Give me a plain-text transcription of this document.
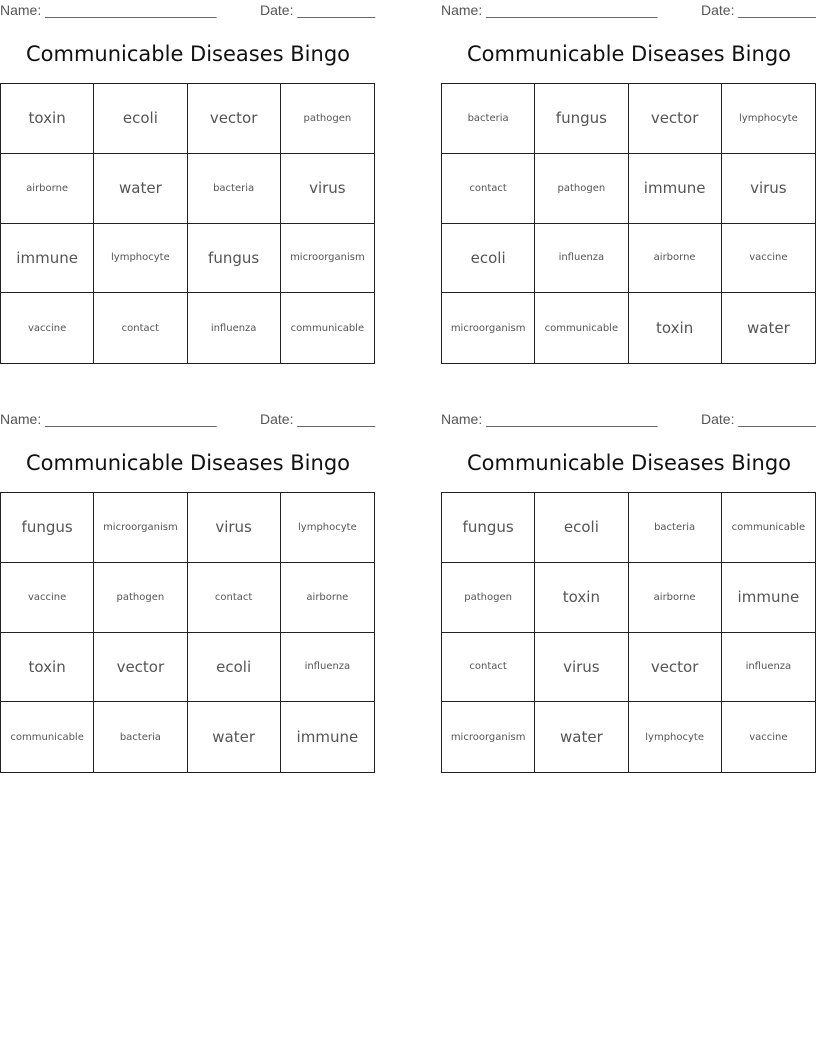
Name: ______________________	Date: __________
Communicable Diseases Bingo
toxin	ecoli	vector	pathogen
airborne	water	bacteria	virus
immune	lymphocyte	fungus	microorganism
vaccine	contact	influenza	communicable
Name: ______________________	Date: __________
Communicable Diseases Bingo
bacteria	fungus	vector	lymphocyte
contact	pathogen	immune	virus
ecoli	influenza	airborne	vaccine
microorganism	communicable	toxin	water
Name: ______________________	Date: __________
Communicable Diseases Bingo
fungus	microorganism	virus	lymphocyte
vaccine	pathogen	contact	airborne
toxin	vector	ecoli	influenza
communicable	bacteria	water	immune
Name: ______________________	Date: __________
Communicable Diseases Bingo
fungus	ecoli	bacteria	communicable
pathogen	toxin	airborne	immune
contact	virus	vector	influenza
microorganism	water	lymphocyte	vaccine
